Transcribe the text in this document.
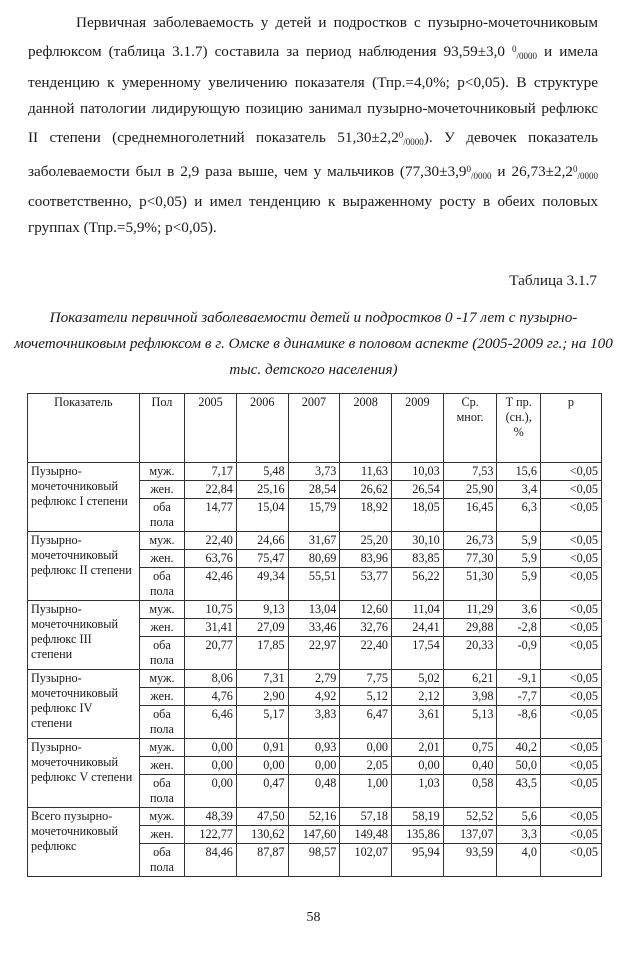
Первичная заболеваемость у детей и подростков с пузырно-мочеточниковым рефлюксом (таблица 3.1.7) составила за период наблюдения 93,59±3,0 0/0000 и имела тенденцию к умеренному увеличению показателя (Тпр.=4,0%; p<0,05). В структуре данной патологии лидирующую позицию занимал пузырно-мочеточниковый рефлюкс II степени (среднемноголетний показатель 51,30±2,20/0000). У девочек показатель заболеваемости был в 2,9 раза выше, чем у мальчиков (77,30±3,90/0000 и 26,73±2,20/0000 соответственно, p<0,05) и имел тенденцию к выраженному росту в обеих половых группах (Тпр.=5,9%; p<0,05).

Таблица 3.1.7
Показатели первичной заболеваемости детей и подростков 0 -17 лет с пузырно-мочеточниковым рефлюксом в г. Омске в динамике в половом аспекте (2005-2009 гг.; на 100 тыс. детского населения)
Показатель	Пол	2005	2006	2007	2008	2009	Ср. мног.	Т пр. (сн.), %	p
Пузырно-мочеточниковый рефлюкс I степени	муж.	7,17	5,48	3,73	11,63	10,03	7,53	15,6	<0,05
	жен.	22,84	25,16	28,54	26,62	26,54	25,90	3,4	<0,05
	оба пола	14,77	15,04	15,79	18,92	18,05	16,45	6,3	<0,05
Пузырно-мочеточниковый рефлюкс II степени	муж.	22,40	24,66	31,67	25,20	30,10	26,73	5,9	<0,05
	жен.	63,76	75,47	80,69	83,96	83,85	77,30	5,9	<0,05
	оба пола	42,46	49,34	55,51	53,77	56,22	51,30	5,9	<0,05
Пузырно-мочеточниковый рефлюкс III степени	муж.	10,75	9,13	13,04	12,60	11,04	11,29	3,6	<0,05
	жен.	31,41	27,09	33,46	32,76	24,41	29,88	-2,8	<0,05
	оба пола	20,77	17,85	22,97	22,40	17,54	20,33	-0,9	<0,05
Пузырно-мочеточниковый рефлюкс IV степени	муж.	8,06	7,31	2,79	7,75	5,02	6,21	-9,1	<0,05
	жен.	4,76	2,90	4,92	5,12	2,12	3,98	-7,7	<0,05
	оба пола	6,46	5,17	3,83	6,47	3,61	5,13	-8,6	<0,05
Пузырно-мочеточниковый рефлюкс V степени	муж.	0,00	0,91	0,93	0,00	2,01	0,75	40,2	<0,05
	жен.	0,00	0,00	0,00	2,05	0,00	0,40	50,0	<0,05
	оба пола	0,00	0,47	0,48	1,00	1,03	0,58	43,5	<0,05
Всего пузырно-мочеточниковый рефлюкс	муж.	48,39	47,50	52,16	57,18	58,19	52,52	5,6	<0,05
	жен.	122,77	130,62	147,60	149,48	135,86	137,07	3,3	<0,05
	оба пола	84,46	87,87	98,57	102,07	95,94	93,59	4,0	<0,05
58
